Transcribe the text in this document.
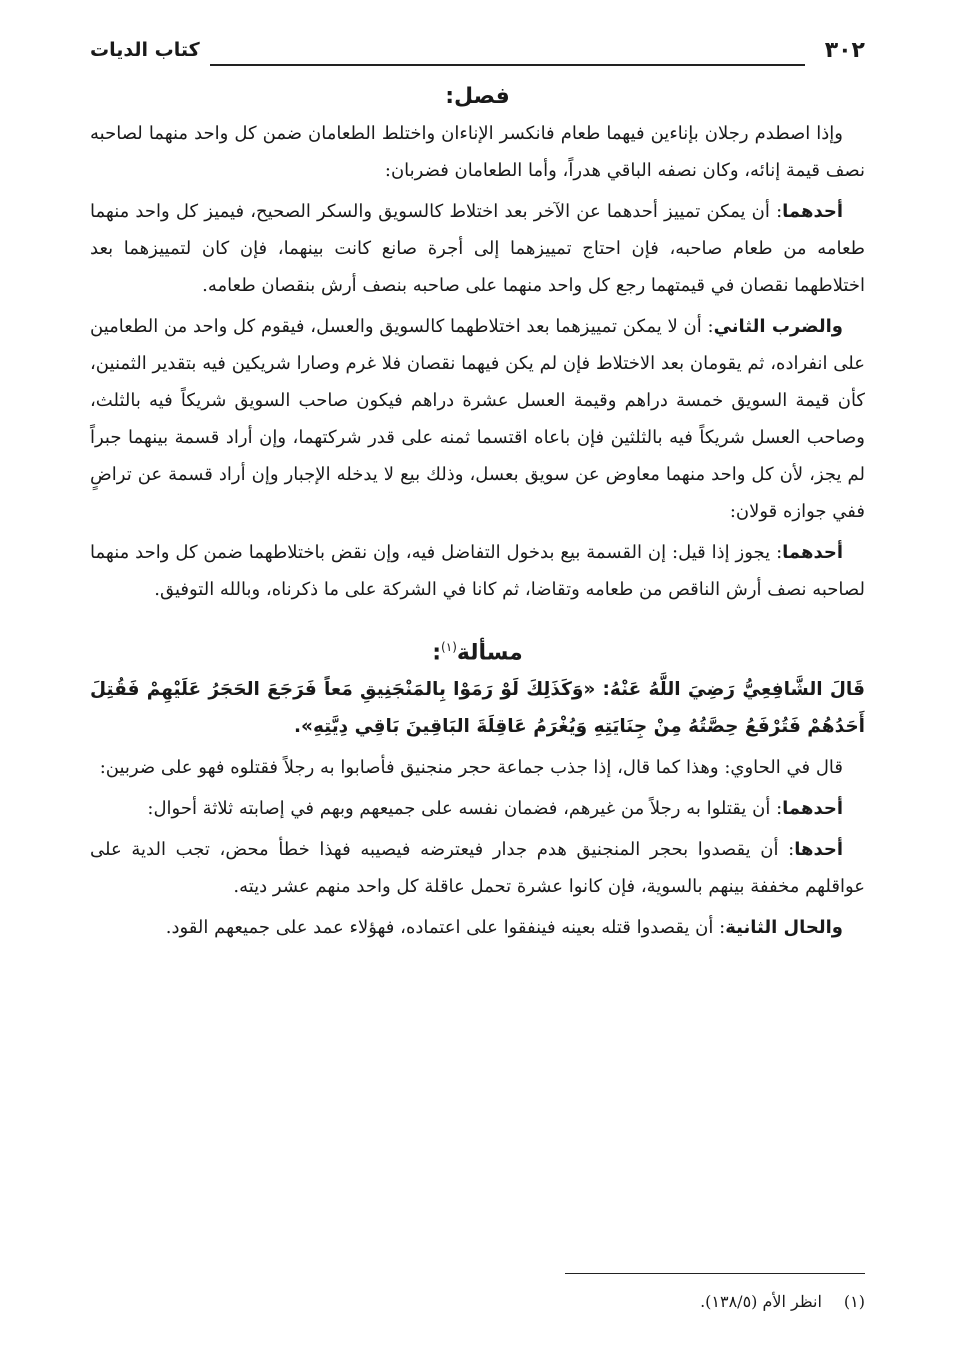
٣٠٢
كتاب الديات
فصل:

وإذا اصطدم رجلان بإناءين فيهما طعام فانكسر الإناءان واختلط الطعامان ضمن كل واحد منهما لصاحبه نصف قيمة إنائه، وكان نصفه الباقي هدراً، وأما الطعامان فضربان:

أحدهما: أن يمكن تمييز أحدهما عن الآخر بعد اختلاط كالسويق والسكر الصحيح، فيميز كل واحد منهما طعامه من طعام صاحبه، فإن احتاج تمييزهما إلى أجرة صانع كانت بينهما، فإن كان لتمييزهما بعد اختلاطهما نقصان في قيمتهما رجع كل واحد منهما على صاحبه بنصف أرش بنقصان طعامه.

والضرب الثاني: أن لا يمكن تمييزهما بعد اختلاطهما كالسويق والعسل، فيقوم كل واحد من الطعامين على انفراده، ثم يقومان بعد الاختلاط فإن لم يكن فيهما نقصان فلا غرم وصارا شريكين فيه بتقدير الثمنين، كأن قيمة السويق خمسة دراهم وقيمة العسل عشرة دراهم فيكون صاحب السويق شريكاً فيه بالثلث، وصاحب العسل شريكاً فيه بالثلثين فإن باعاه اقتسما ثمنه على قدر شركتهما، وإن أراد قسمة بينهما جبراً لم يجز، لأن كل واحد منهما معاوض عن سويق بعسل، وذلك بيع لا يدخله الإجبار وإن أراد قسمة عن تراضٍ ففي جوازه قولان:

أحدهما: يجوز إذا قيل: إن القسمة بيع بدخول التفاضل فيه، وإن نقض باختلاطهما ضمن كل واحد منهما لصاحبه نصف أرش الناقص من طعامه وتقاضا، ثم كانا في الشركة على ما ذكرناه، وبالله التوفيق.

مسألة$^{(١)}$:

قَالَ الشَّافِعِيُّ رَضِيَ اللَّهُ عَنْهُ: «وَكَذَلِكَ لَوْ رَمَوْا بِالمَنْجَنِيقِ مَعاً فَرَجَعَ الحَجَرُ عَلَيْهِمْ فَقُتِلَ أَحَدُهُمْ فَتُرْفَعُ حِصَّتُهُ مِنْ جِنَايَتِهِ وَيُغْرَمُ عَاقِلَةَ البَاقِينَ بَاقِي دِيَّتِهِ».

قال في الحاوي: وهذا كما قال، إذا جذب جماعة حجر منجنيق فأصابوا به رجلاً فقتلوه فهو على ضربين:

أحدهما: أن يقتلوا به رجلاً من غيرهم، فضمان نفسه على جميعهم وبهم في إصابته ثلاثة أحوال:

أحدها: أن يقصدوا بحجر المنجنيق هدم جدار فيعترضه فيصيبه فهذا خطأ محض، تجب الدية على عواقلهم مخففة بينهم بالسوية، فإن كانوا عشرة تحمل عاقلة كل واحد منهم عشر ديته.

والحال الثانية: أن يقصدوا قتله بعينه فينفقوا على اعتماده، فهؤلاء عمد على جميعهم القود.

(١)انظر الأم (١٣٨/٥).
